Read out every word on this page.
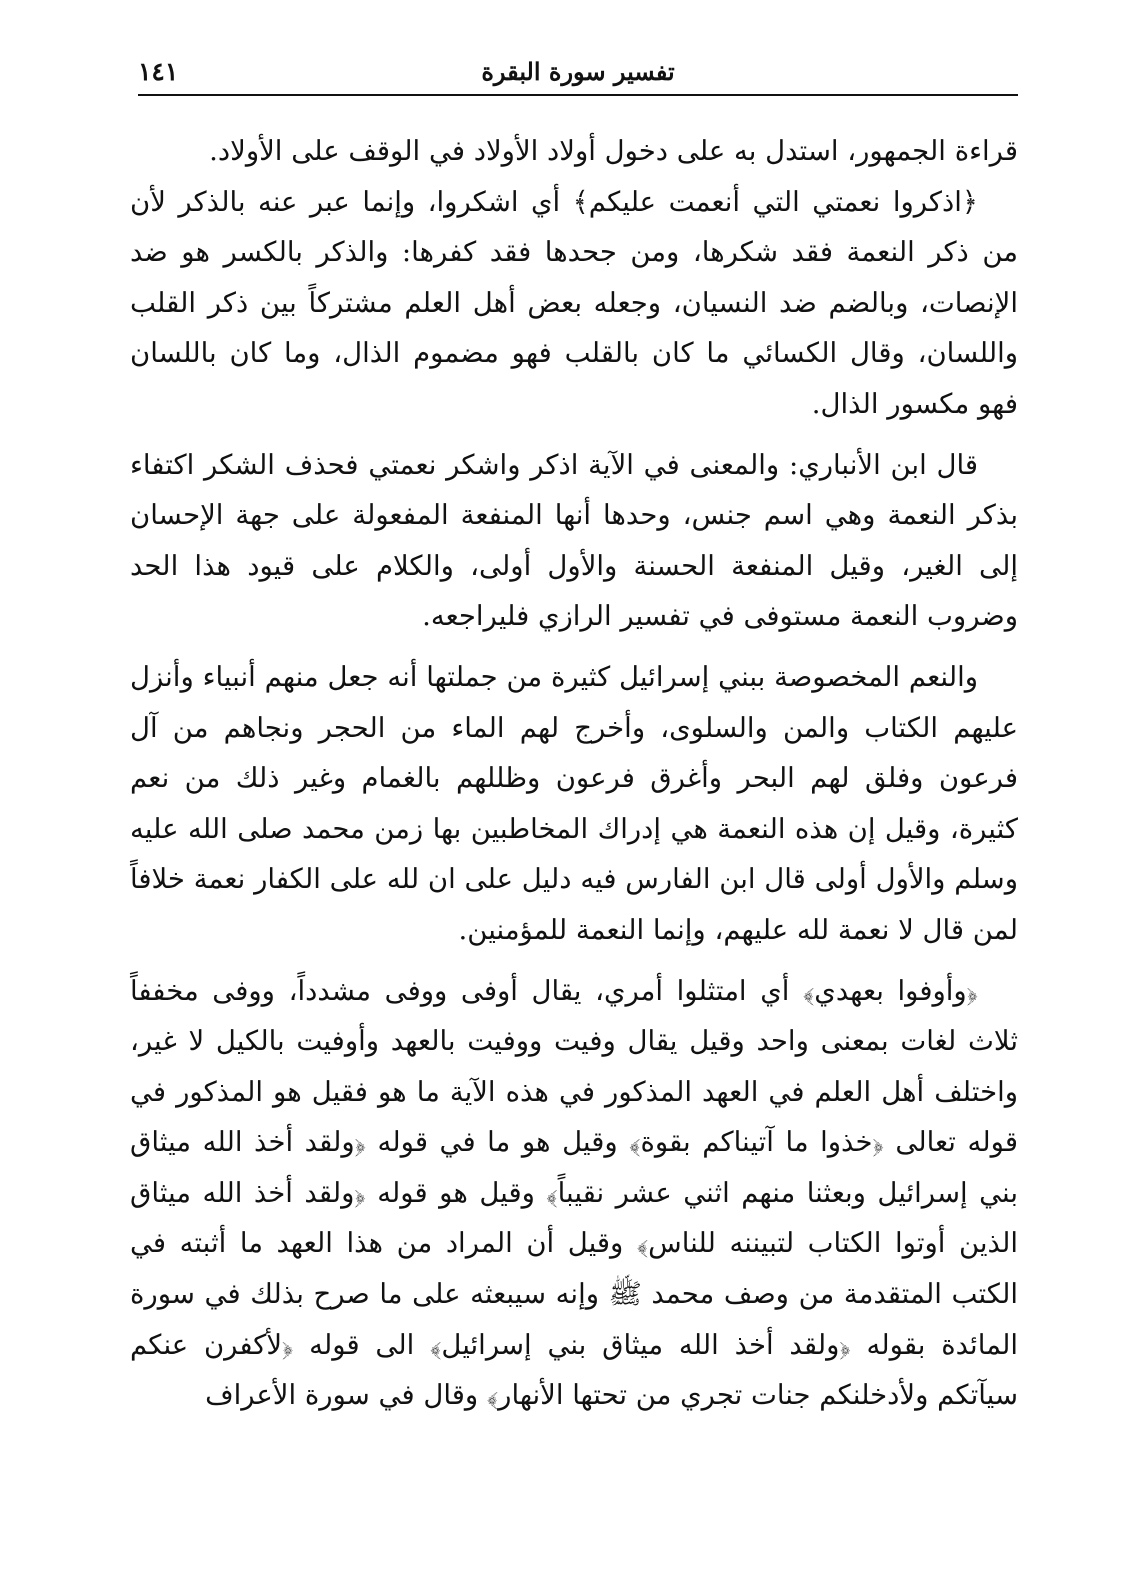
تفسير سورة البقرة
١٤١

قراءة الجمهور، استدل به على دخول أولاد الأولاد في الوقف على الأولاد.

﴿اذكروا نعمتي التي أنعمت عليكم﴾ أي اشكروا، وإنما عبر عنه بالذكر لأن من ذكر النعمة فقد شكرها، ومن جحدها فقد كفرها: والذكر بالكسر هو ضد الإنصات، وبالضم ضد النسيان، وجعله بعض أهل العلم مشتركاً بين ذكر القلب واللسان، وقال الكسائي ما كان بالقلب فهو مضموم الذال، وما كان باللسان فهو مكسور الذال.

قال ابن الأنباري: والمعنى في الآية اذكر واشكر نعمتي فحذف الشكر اكتفاء بذكر النعمة وهي اسم جنس، وحدها أنها المنفعة المفعولة على جهة الإحسان إلى الغير، وقيل المنفعة الحسنة والأول أولى، والكلام على قيود هذا الحد وضروب النعمة مستوفى في تفسير الرازي فليراجعه.

والنعم المخصوصة ببني إسرائيل كثيرة من جملتها أنه جعل منهم أنبياء وأنزل عليهم الكتاب والمن والسلوى، وأخرج لهم الماء من الحجر ونجاهم من آل فرعون وفلق لهم البحر وأغرق فرعون وظللهم بالغمام وغير ذلك من نعم كثيرة، وقيل إن هذه النعمة هي إدراك المخاطبين بها زمن محمد صلى الله عليه وسلم والأول أولى قال ابن الفارس فيه دليل على ان لله على الكفار نعمة خلافاً لمن قال لا نعمة لله عليهم، وإنما النعمة للمؤمنين.

﴿وأوفوا بعهدي﴾ أي امتثلوا أمري، يقال أوفى ووفى مشدداً، ووفى مخففاً ثلاث لغات بمعنى واحد وقيل يقال وفيت ووفيت بالعهد وأوفيت بالكيل لا غير، واختلف أهل العلم في العهد المذكور في هذه الآية ما هو فقيل هو المذكور في قوله تعالى ﴿خذوا ما آتيناكم بقوة﴾ وقيل هو ما في قوله ﴿ولقد أخذ الله ميثاق بني إسرائيل وبعثنا منهم اثني عشر نقيباً﴾ وقيل هو قوله ﴿ولقد أخذ الله ميثاق الذين أوتوا الكتاب لتبيننه للناس﴾ وقيل أن المراد من هذا العهد ما أثبته في الكتب المتقدمة من وصف محمد ﷺ وإنه سيبعثه على ما صرح بذلك في سورة المائدة بقوله ﴿ولقد أخذ الله ميثاق بني إسرائيل﴾ الى قوله ﴿لأكفرن عنكم سيآتكم ولأدخلنكم جنات تجري من تحتها الأنهار﴾ وقال في سورة الأعراف
